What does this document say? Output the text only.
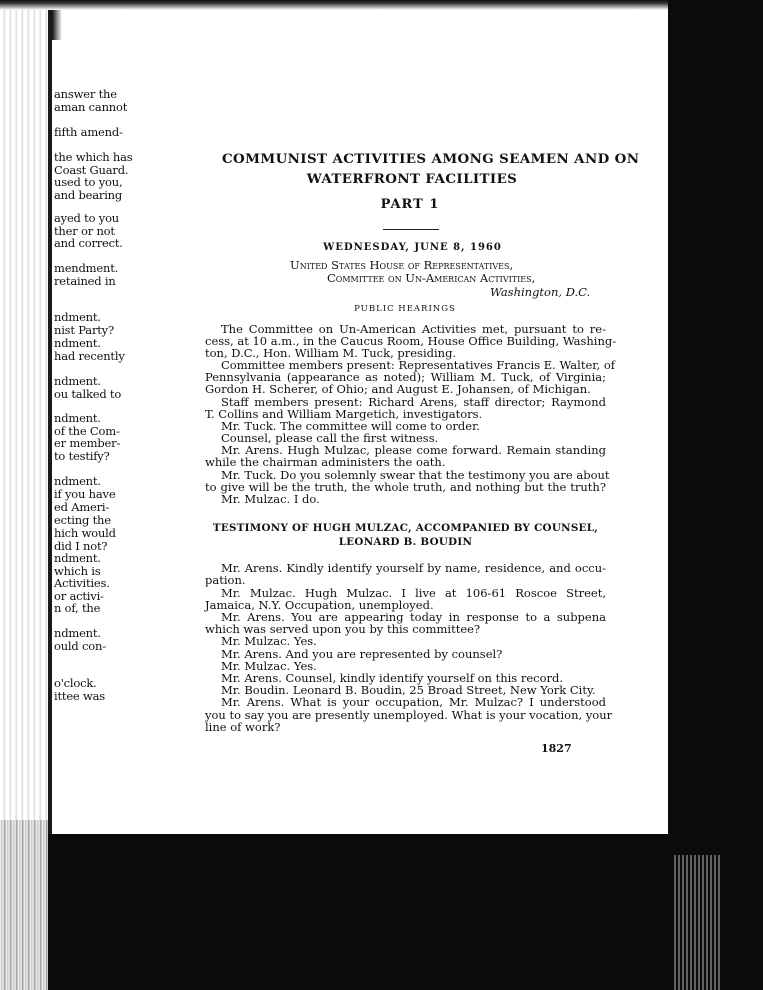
answer the
aman cannot
fifth amend-
the which has
Coast Guard.
used to you,
and bearing
ayed to you
ther or not
and correct.
mendment.
retained in
ndment.
nist Party?
ndment.
had recently
ndment.
ou talked to
ndment.
of the Com-
er member-
to testify?
ndment.
if you have
ed Ameri-
ecting the
hich would
did I not?
ndment.
which is
Activities.
or activi-
n of, the
ndment.
ould con-
o'clock.
ittee was
COMMUNIST ACTIVITIES AMONG SEAMEN AND ON
WATERFRONT FACILITIES
PART 1
WEDNESDAY, JUNE 8, 1960
United States House of Representatives,
Committee on Un-American Activities,
Washington, D.C.
PUBLIC HEARINGS
The Committee on Un-American Activities met, pursuant to re-
cess, at 10 a.m., in the Caucus Room, House Office Building, Washing-
ton, D.C., Hon. William M. Tuck, presiding.
Committee members present: Representatives Francis E. Walter, of
Pennsylvania (appearance as noted); William M. Tuck, of Virginia;
Gordon H. Scherer, of Ohio; and August E. Johansen, of Michigan.
Staff members present: Richard Arens, staff director; Raymond
T. Collins and William Margetich, investigators.
Mr. Tuck. The committee will come to order.
Counsel, please call the first witness.
Mr. Arens. Hugh Mulzac, please come forward. Remain standing
while the chairman administers the oath.
Mr. Tuck. Do you solemnly swear that the testimony you are about
to give will be the truth, the whole truth, and nothing but the truth?
Mr. Mulzac. I do.
TESTIMONY OF HUGH MULZAC, ACCOMPANIED BY COUNSEL,
LEONARD B. BOUDIN
Mr. Arens. Kindly identify yourself by name, residence, and occu-
pation.
Mr. Mulzac. Hugh Mulzac. I live at 106-61 Roscoe Street,
Jamaica, N.Y. Occupation, unemployed.
Mr. Arens. You are appearing today in response to a subpena
which was served upon you by this committee?
Mr. Mulzac. Yes.
Mr. Arens. And you are represented by counsel?
Mr. Mulzac. Yes.
Mr. Arens. Counsel, kindly identify yourself on this record.
Mr. Boudin. Leonard B. Boudin, 25 Broad Street, New York City.
Mr. Arens. What is your occupation, Mr. Mulzac? I understood
you to say you are presently unemployed. What is your vocation, your
line of work?
1827
